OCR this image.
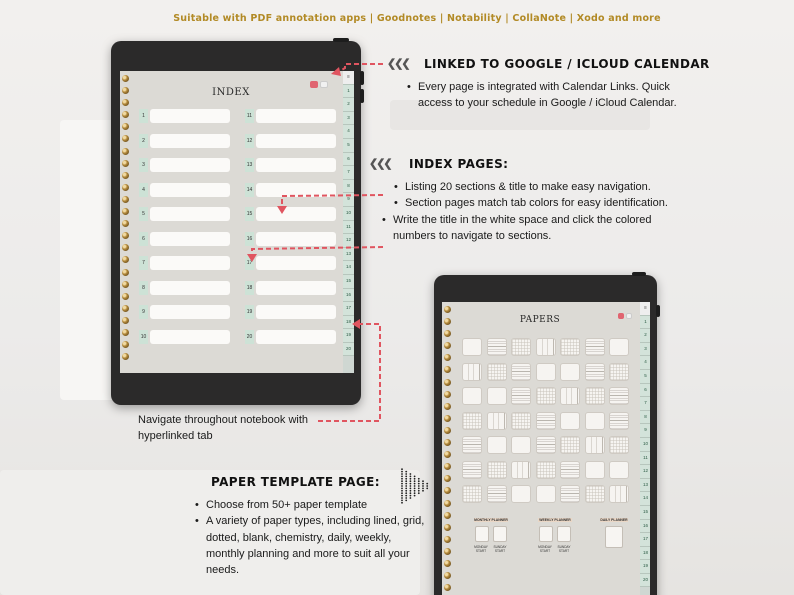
Suitable with PDF annotation apps | Goodnotes | Notability | CollaNote | Xodo and more

INDEX
1	11
2	12
3	13
4	14
5	15
6	16
7	17
8	18
9	19
10	20
≡
1
2
3
4
5
6
7
8
9
10
11
12
13
14
15
16
17
18
19
20
❮❮❮ LINKED TO GOOGLE / ICLOUD CALENDAR
• Every page is integrated with Calendar Links. Quick access to your schedule in Google / iCloud Calendar.
❮❮❮ INDEX PAGES:
• Listing 20 sections & title to make easy navigation.
• Section pages match tab colors for easy identification.
• Write the title in the white space and click the colored numbers to navigate to sections.
Navigate throughout notebook with hyperlinked tab
PAPER TEMPLATE PAGE:
• Choose from 50+ paper template
• A variety of paper types, including lined, grid, dotted, blank, chemistry, daily, weekly, monthly planning and more to suit all your needs.
PAPERS
MONTHLY PLANNER
MONDAY START
SUNDAY START
WEEKLY PLANNER
MONDAY START
SUNDAY START
DAILY PLANNER
≡
1
2
3
4
5
6
7
8
9
10
11
12
13
14
15
16
17
18
19
20
